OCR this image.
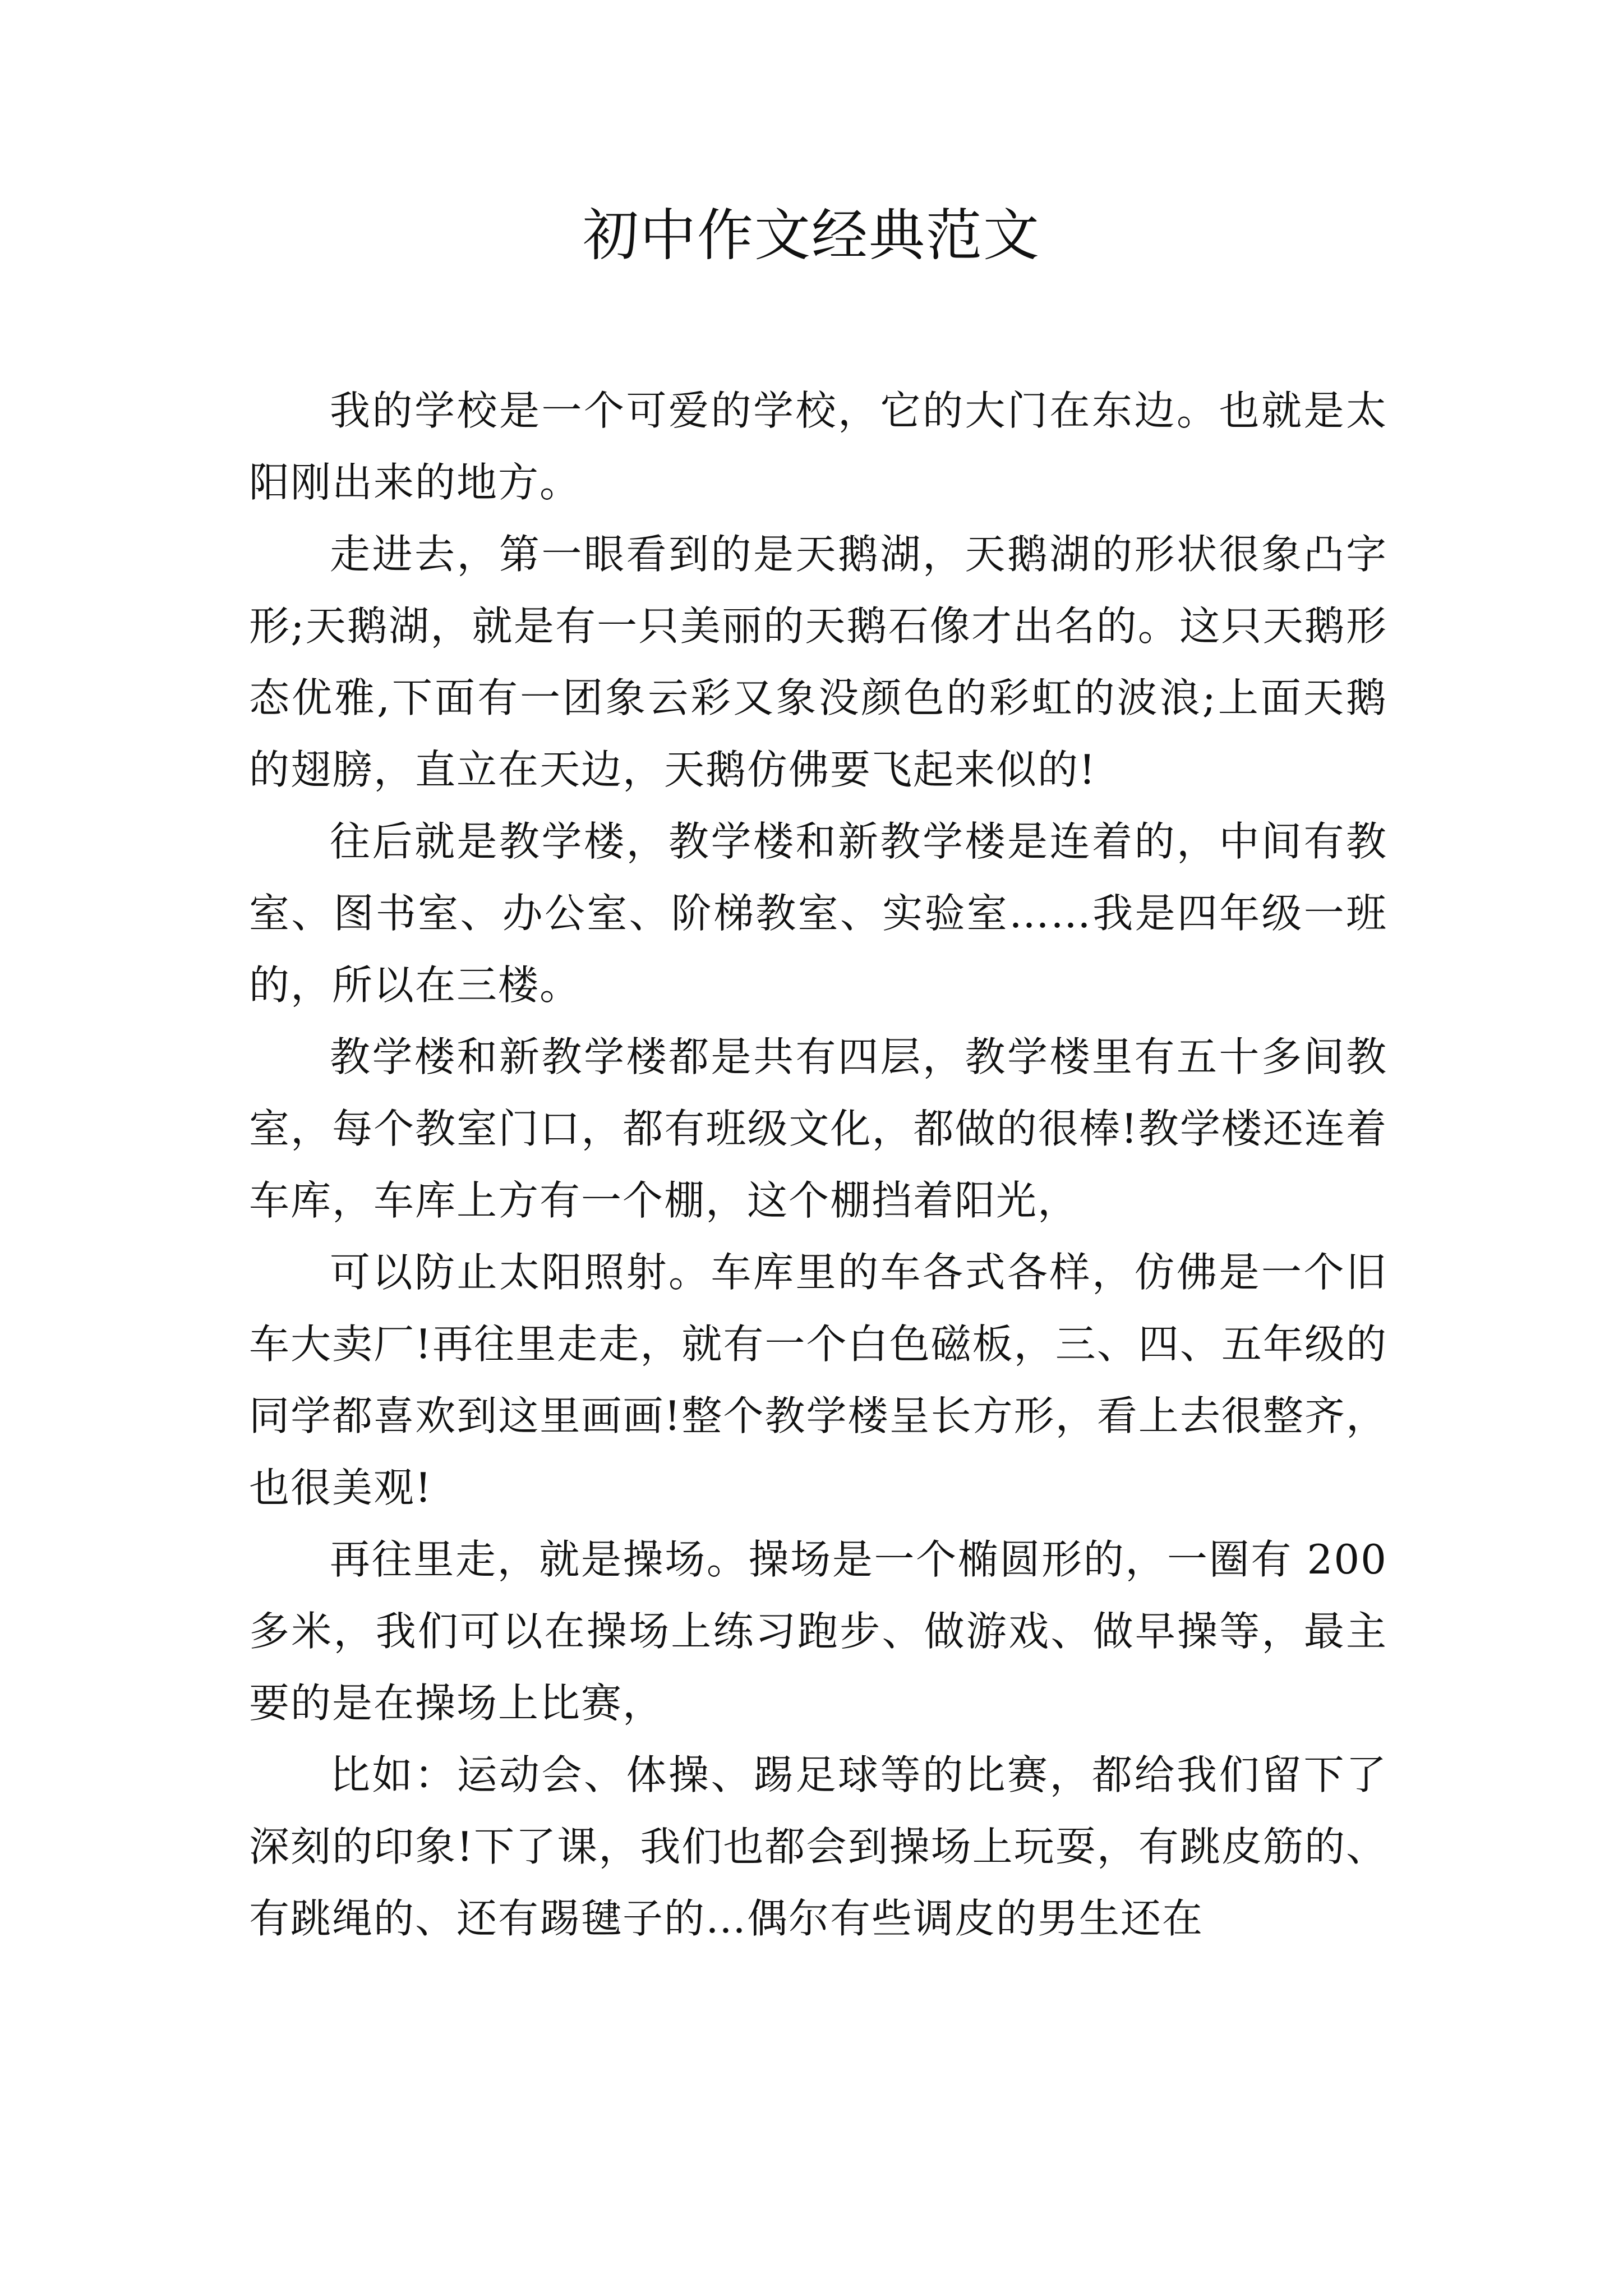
初中作文经典范文

我的学校是一个可爱的学校，它的大门在东边。也就是太阳刚出来的地方。

走进去，第一眼看到的是天鹅湖，天鹅湖的形状很象凸字形;天鹅湖，就是有一只美丽的天鹅石像才出名的。这只天鹅形态优雅,下面有一团象云彩又象没颜色的彩虹的波浪;上面天鹅的翅膀，直立在天边，天鹅仿佛要飞起来似的!

往后就是教学楼，教学楼和新教学楼是连着的，中间有教室、图书室、办公室、阶梯教室、实验室……我是四年级一班的，所以在三楼。

教学楼和新教学楼都是共有四层，教学楼里有五十多间教室，每个教室门口，都有班级文化，都做的很棒!教学楼还连着车库，车库上方有一个棚，这个棚挡着阳光，

可以防止太阳照射。车库里的车各式各样，仿佛是一个旧车大卖厂!再往里走走，就有一个白色磁板，三、四、五年级的同学都喜欢到这里画画!整个教学楼呈长方形，看上去很整齐，也很美观!

再往里走，就是操场。操场是一个椭圆形的，一圈有 200 多米，我们可以在操场上练习跑步、做游戏、做早操等，最主要的是在操场上比赛，

比如：运动会、体操、踢足球等的比赛，都给我们留下了深刻的印象!下了课，我们也都会到操场上玩耍，有跳皮筋的、有跳绳的、还有踢毽子的…偶尔有些调皮的男生还在
